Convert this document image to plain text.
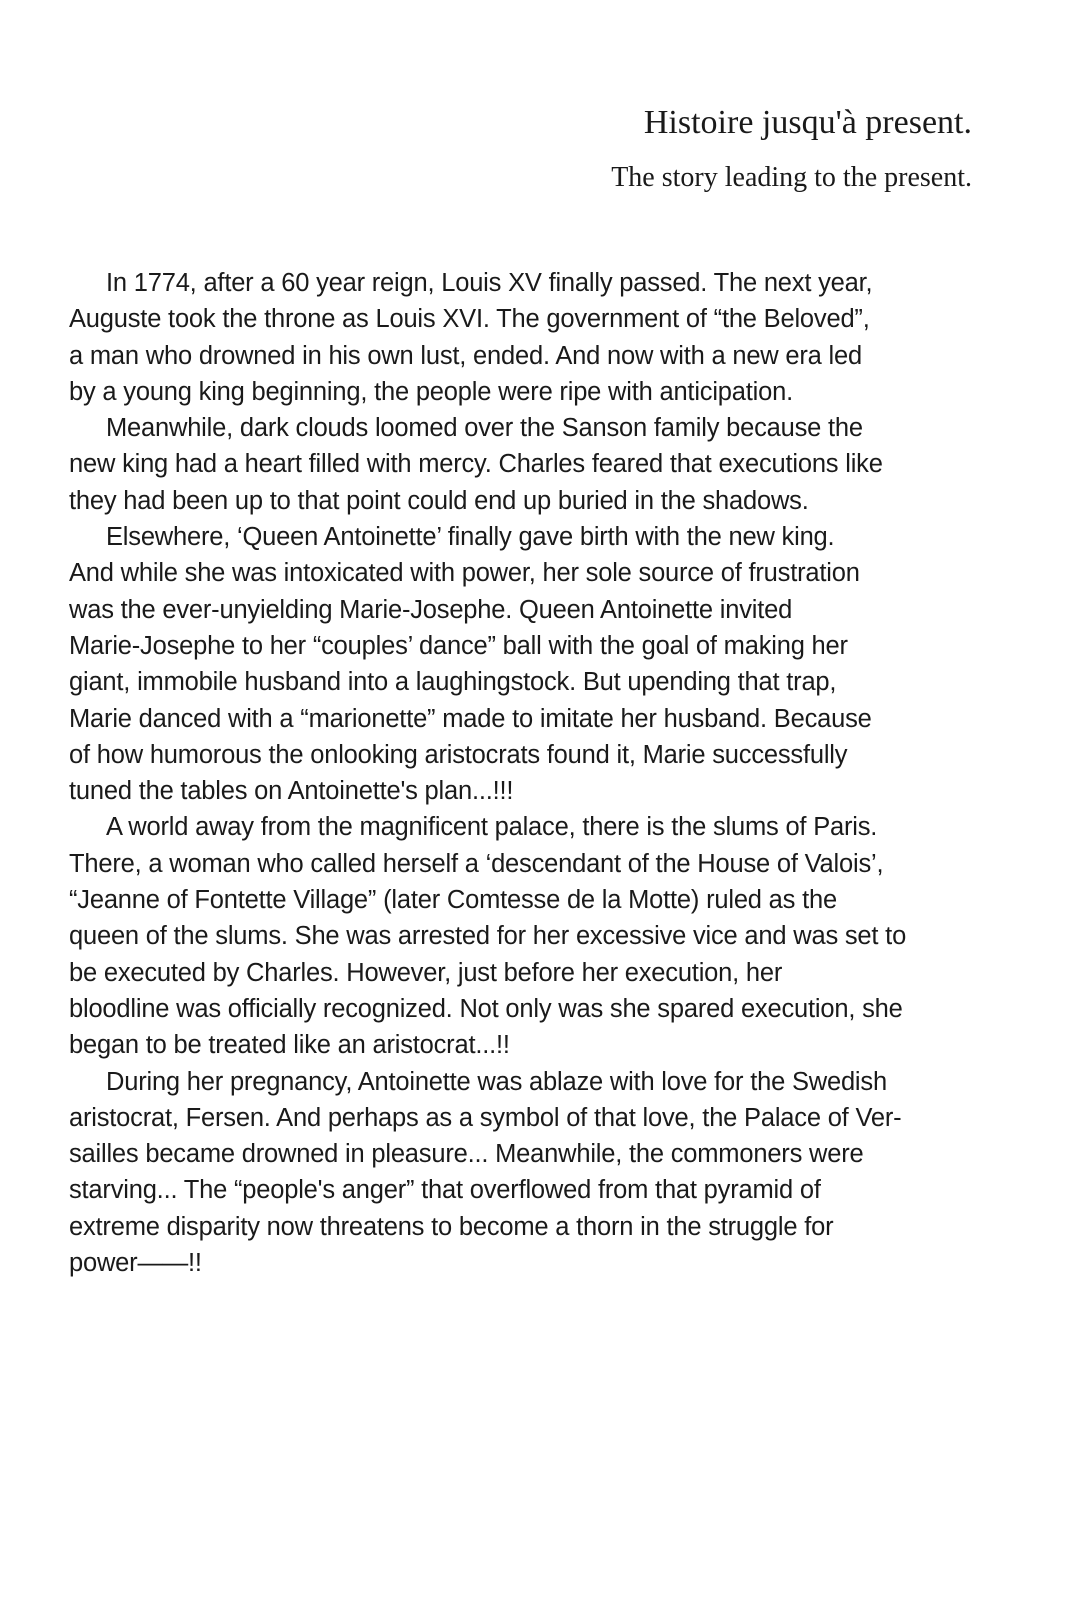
Histoire jusqu'à present.
The story leading to the present.
In 1774, after a 60 year reign, Louis XV finally passed. The next year,
Auguste took the throne as Louis XVI. The government of “the Beloved”,
a man who drowned in his own lust, ended. And now with a new era led
by a young king beginning, the people were ripe with anticipation.
Meanwhile, dark clouds loomed over the Sanson family because the
new king had a heart filled with mercy. Charles feared that executions like
they had been up to that point could end up buried in the shadows.
Elsewhere, ‘Queen Antoinette’ finally gave birth with the new king.
And while she was intoxicated with power, her sole source of frustration
was the ever-unyielding Marie-Josephe. Queen Antoinette invited
Marie-Josephe to her “couples’ dance” ball with the goal of making her
giant, immobile husband into a laughingstock. But upending that trap,
Marie danced with a “marionette” made to imitate her husband. Because
of how humorous the onlooking aristocrats found it, Marie successfully
tuned the tables on Antoinette's plan...!!!
A world away from the magnificent palace, there is the slums of Paris.
There, a woman who called herself a ‘descendant of the House of Valois’,
“Jeanne of Fontette Village” (later Comtesse de la Motte) ruled as the
queen of the slums. She was arrested for her excessive vice and was set to
be executed by Charles. However, just before her execution, her
bloodline was officially recognized. Not only was she spared execution, she
began to be treated like an aristocrat...!!
During her pregnancy, Antoinette was ablaze with love for the Swedish
aristocrat, Fersen. And perhaps as a symbol of that love, the Palace of Ver-
sailles became drowned in pleasure... Meanwhile, the commoners were
starving... The “people's anger” that overflowed from that pyramid of
extreme disparity now threatens to become a thorn in the struggle for
power——!!
